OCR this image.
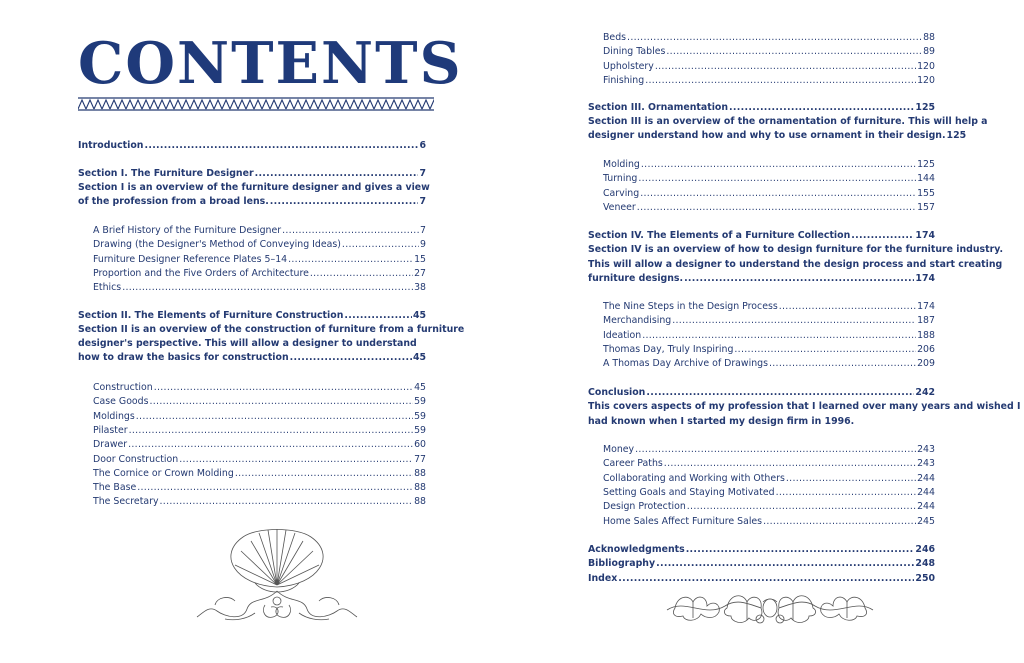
CONTENTS
Introduction .....	6
Section I. The Furniture Designer .....	7
Section I is an overview of the furniture designer and gives a view
of the profession from a broad lens. .....	7
A Brief History of the Furniture Designer .....	7
Drawing (the Designer's Method of Conveying Ideas) .....	9
Furniture Designer Reference Plates 5–14 .....	15
Proportion and the Five Orders of Architecture .....	27
Ethics .....	38
Section II. The Elements of Furniture Construction .....	45
Section II is an overview of the construction of furniture from a furniture
designer's perspective. This will allow a designer to understand
how to draw the basics for construction .....	45
Construction .....	45
Case Goods .....	59
Moldings .....	59
Pilaster .....	59
Drawer .....	60
Door Construction .....	77
The Cornice or Crown Molding .....	88
The Base .....	88
The Secretary .....	88
Beds .....	88
Dining Tables .....	89
Upholstery .....	120
Finishing .....	120
Section III. Ornamentation .....	125
Section III is an overview of the ornamentation of furniture. This will help a
designer understand how and why to use ornament in their design. 125
Molding .....	125
Turning .....	144
Carving .....	155
Veneer .....	157
Section IV. The Elements of a Furniture Collection .....	174
Section IV is an overview of how to design furniture for the furniture industry.
This will allow a designer to understand the design process and start creating
furniture designs. .....	174
The Nine Steps in the Design Process .....	174
Merchandising .....	187
Ideation .....	188
Thomas Day, Truly Inspiring .....	206
A Thomas Day Archive of Drawings .....	209
Conclusion .....	242
This covers aspects of my profession that I learned over many years and wished I
had known when I started my design firm in 1996.
Money .....	243
Career Paths .....	243
Collaborating and Working with Others .....	244
Setting Goals and Staying Motivated .....	244
Design Protection .....	244
Home Sales Affect Furniture Sales .....	245
Acknowledgments .....	246
Bibliography .....	248
Index .....	250
